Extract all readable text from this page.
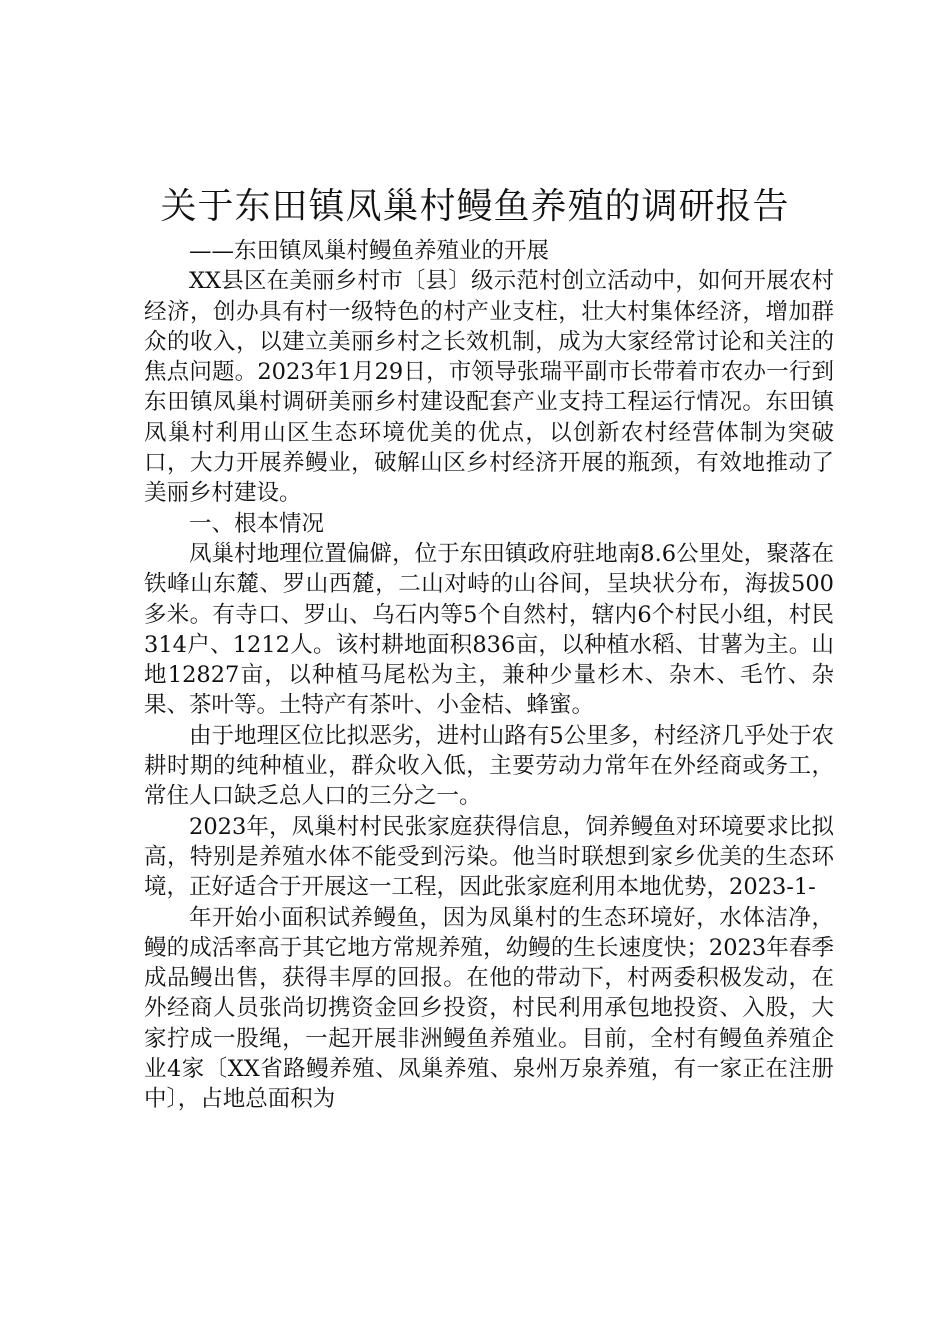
关于东田镇凤巢村鳗鱼养殖的调研报告

——东田镇凤巢村鳗鱼养殖业的开展

XX县区在美丽乡村市〔县〕级示范村创立活动中，如何开展农村经济，创办具有村一级特色的村产业支柱，壮大村集体经济，增加群众的收入，以建立美丽乡村之长效机制，成为大家经常讨论和关注的焦点问题。2023年1月29日，市领导张瑞平副市长带着市农办一行到东田镇凤巢村调研美丽乡村建设配套产业支持工程运行情况。东田镇凤巢村利用山区生态环境优美的优点，以创新农村经营体制为突破口，大力开展养鳗业，破解山区乡村经济开展的瓶颈，有效地推动了美丽乡村建设。

一、根本情况

凤巢村地理位置偏僻，位于东田镇政府驻地南8.6公里处，聚落在铁峰山东麓、罗山西麓，二山对峙的山谷间，呈块状分布，海拔500多米。有寺口、罗山、乌石内等5个自然村，辖内6个村民小组，村民314户、1212人。该村耕地面积836亩，以种植水稻、甘薯为主。山地12827亩，以种植马尾松为主，兼种少量杉木、杂木、毛竹、杂果、茶叶等。土特产有茶叶、小金桔、蜂蜜。

由于地理区位比拟恶劣，进村山路有5公里多，村经济几乎处于农耕时期的纯种植业，群众收入低，主要劳动力常年在外经商或务工，常住人口缺乏总人口的三分之一。

2023年，凤巢村村民张家庭获得信息，饲养鳗鱼对环境要求比拟高，特别是养殖水体不能受到污染。他当时联想到家乡优美的生态环境，正好适合于开展这一工程，因此张家庭利用本地优势，2023-1-

年开始小面积试养鳗鱼，因为凤巢村的生态环境好，水体洁净，鳗的成活率高于其它地方常规养殖，幼鳗的生长速度快；2023年春季成品鳗出售，获得丰厚的回报。在他的带动下，村两委积极发动，在外经商人员张尚切携资金回乡投资，村民利用承包地投资、入股，大家拧成一股绳，一起开展非洲鳗鱼养殖业。目前，全村有鳗鱼养殖企业4家〔XX省路鳗养殖、凤巢养殖、泉州万泉养殖，有一家正在注册中〕，占地总面积为
